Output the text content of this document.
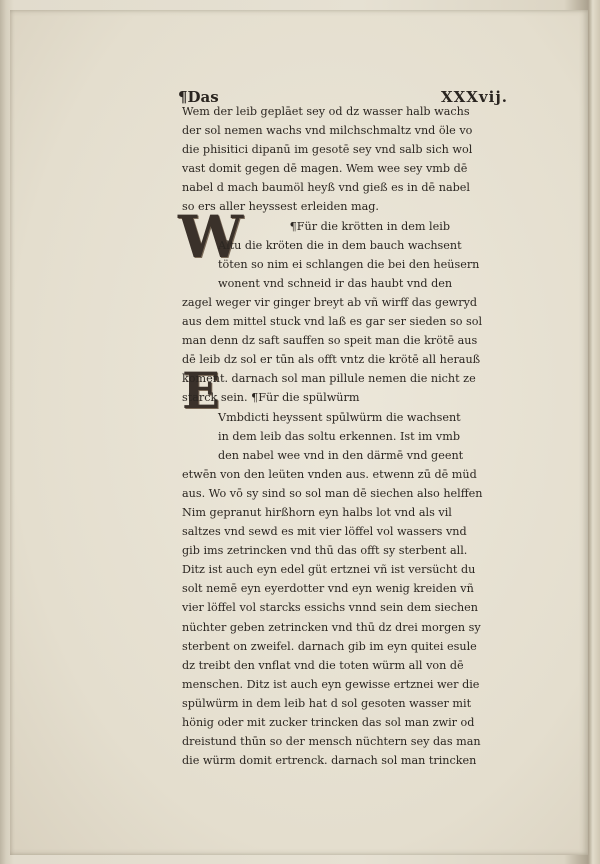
¶Das	XXXvij.
W
E
Wem der leib geplāet sey od dz wasser halb wachs
der sol nemen wachs vnd milchschmaltz vnd öle vo
die phisitici dipanū im gesotē sey vnd salb sich wol
vast domit gegen dē magen. Wem wee sey vmb dē
nabel d mach baumöl heyß vnd gieß es in dē nabel
so ers aller heyssest erleiden mag.
¶Für die krötten in dem leib
Altu die kröten die in dem bauch wachsent
töten so nim ei schlangen die bei den heüsern
wonent vnd schneid ir das haubt vnd den
zagel weger vir ginger breyt ab vñ wirff das gewryd
aus dem mittel stuck vnd laß es gar ser sieden so sol
man denn dz saft sauffen so speit man die krötē aus
dē leib dz sol er tūn als offt vntz die krötē all herauß
koment. darnach sol man pillule nemen die nicht ze
starck sein. ¶Für die spülwürm
Vmbdicti heyssent spūlwürm die wachsent
in dem leib das soltu erkennen. Ist im vmb
den nabel wee vnd in den därmē vnd geent
etwēn von den leüten vnden aus. etwenn zū dē müd
aus. Wo vō sy sind so sol man dē siechen also helffen
Nim gepranut hirßhorn eyn halbs lot vnd als vil
saltzes vnd sewd es mit vier löffel vol wassers vnd
gib ims zetrincken vnd thū das offt sy sterbent all.
Ditz ist auch eyn edel güt ertznei vñ ist versücht du
solt nemē eyn eyerdotter vnd eyn wenig kreiden vñ
vier löffel vol starcks essichs vnnd sein dem siechen
nüchter geben zetrincken vnd thū dz drei morgen sy
sterbent on zweifel. darnach gib im eyn quitei esule
dz treibt den vnflat vnd die toten würm all von dē
menschen. Ditz ist auch eyn gewisse ertznei wer die
spülwürm in dem leib hat d sol gesoten wasser mit
hönig oder mit zucker trincken das sol man zwir od
dreistund thūn so der mensch nüchtern sey das man
die würm domit ertrenck. darnach sol man trincken
